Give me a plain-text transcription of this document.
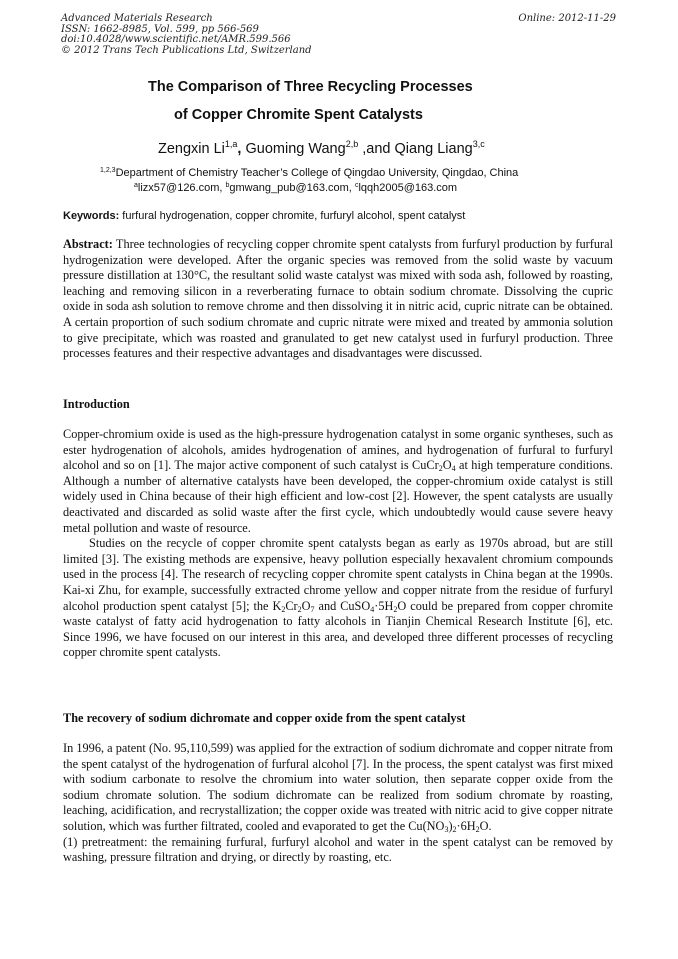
Advanced Materials Research
ISSN: 1662-8985, Vol. 599, pp 566-569
doi:10.4028/www.scientific.net/AMR.599.566
© 2012 Trans Tech Publications Ltd, Switzerland
Online: 2012-11-29
The Comparison of Three Recycling Processes
of Copper Chromite Spent Catalysts
Zengxin Li$^{1,a}$, Guoming Wang$^{2,b}$ ,and Qiang Liang$^{3,c}$
$^{1,2,3}$Department of Chemistry Teacher’s College of Qingdao University, Qingdao, China
$^a$lizx57@126.com, $^b$gmwang_pub@163.com, $^c$lqqh2005@163.com
Keywords: furfural hydrogenation, copper chromite, furfuryl alcohol, spent catalyst

Abstract: Three technologies of recycling copper chromite spent catalysts from furfuryl production by furfural hydrogenization were developed. After the organic species was removed from the solid waste by vacuum pressure distillation at 130°C, the resultant solid waste catalyst was mixed with soda ash, followed by roasting, leaching and removing silicon in a reverberating furnace to obtain sodium chromate. Dissolving the cupric oxide in soda ash solution to remove chrome and then dissolving it in nitric acid, cupric nitrate can be obtained. A certain proportion of such sodium chromate and cupric nitrate were mixed and treated by ammonia solution to give precipitate, which was roasted and granulated to get new catalyst used in furfuryl production. Three processes features and their respective advantages and disadvantages were discussed.

Introduction

Copper-chromium oxide is used as the high-pressure hydrogenation catalyst in some organic syntheses, such as ester hydrogenation of alcohols, amides hydrogenation of amines, and hydrogenation of furfural to furfuryl alcohol and so on [1]. The major active component of such catalyst is $CuCr_2O_4$ at high temperature conditions. Although a number of alternative catalysts have been developed, the copper-chromium oxide catalyst is still widely used in China because of their high efficient and low-cost [2]. However, the spent catalysts are usually deactivated and discarded as solid waste after the first cycle, which undoubtedly would cause severe heavy metal pollution and waste of resource.

Studies on the recycle of copper chromite spent catalysts began as early as 1970s abroad, but are still limited [3]. The existing methods are expensive, heavy pollution especially hexavalent chromium compounds used in the process [4]. The research of recycling copper chromite spent catalysts in China began at the 1990s. Kai-xi Zhu, for example, successfully extracted chrome yellow and copper nitrate from the residue of furfuryl alcohol production spent catalyst [5]; the $K_2Cr_2O_7$ and $CuSO_4\cdot 5H_2O$ could be prepared from copper chromite waste catalyst of fatty acid hydrogenation to fatty alcohols in Tianjin Chemical Research Institute [6], etc. Since 1996, we have focused on our interest in this area, and developed three different processes of recycling copper chromite spent catalysts.

The recovery of sodium dichromate and copper oxide from the spent catalyst

In 1996, a patent (No. 95,110,599) was applied for the extraction of sodium dichromate and copper nitrate from the spent catalyst of the hydrogenation of furfural alcohol [7]. In the process, the spent catalyst was first mixed with sodium carbonate to resolve the chromium into water solution, then separate copper oxide from the sodium chromate solution. The sodium dichromate can be realized from sodium chromate by roasting, leaching, acidification, and recrystallization; the copper oxide was treated with nitric acid to give copper nitrate solution, which was further filtrated, cooled and evaporated to get the $Cu(NO_3)_2\cdot 6H_2O$.

(1) pretreatment: the remaining furfural, furfuryl alcohol and water in the spent catalyst can be removed by washing, pressure filtration and drying, or directly by roasting, etc.
